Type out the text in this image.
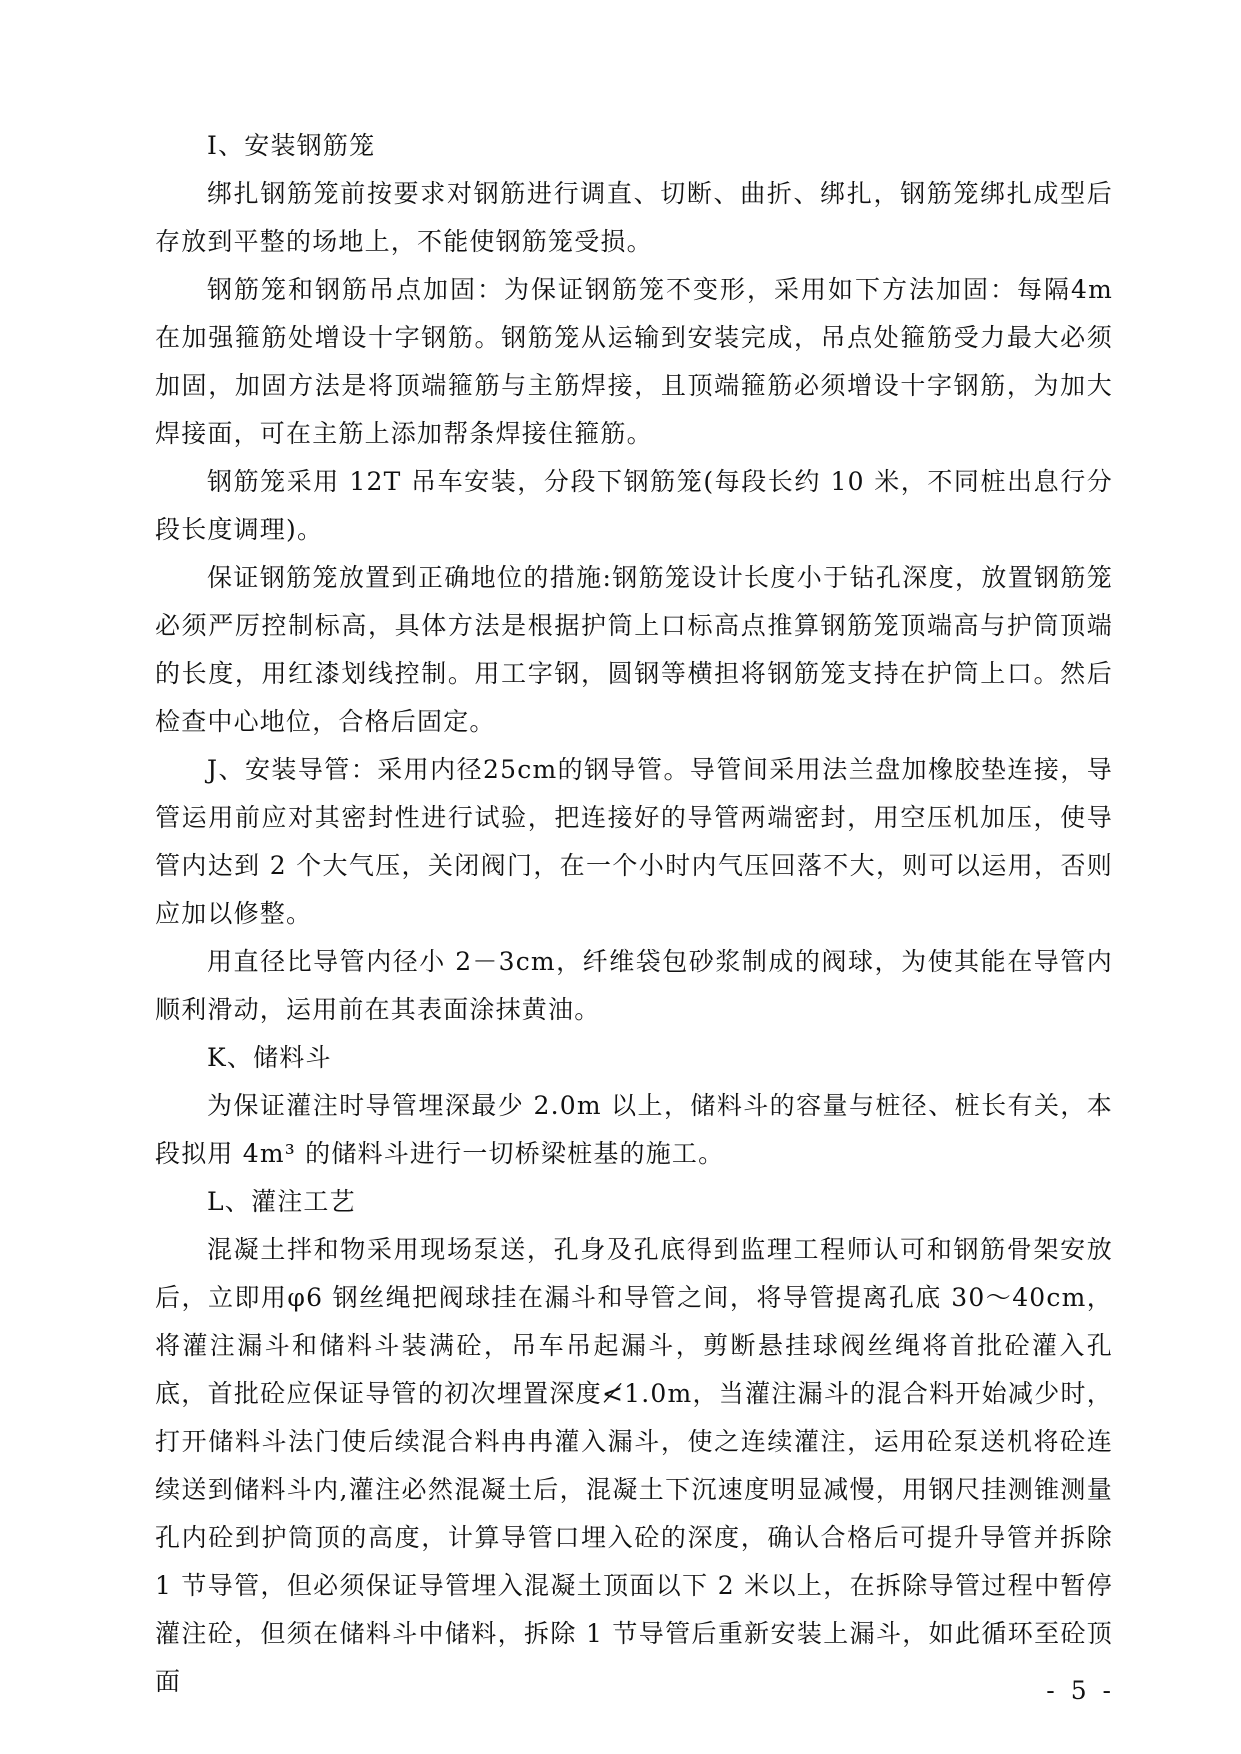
I、安装钢筋笼

绑扎钢筋笼前按要求对钢筋进行调直、切断、曲折、绑扎，钢筋笼绑扎成型后存放到平整的场地上，不能使钢筋笼受损。

钢筋笼和钢筋吊点加固：为保证钢筋笼不变形，采用如下方法加固：每隔4m在加强箍筋处增设十字钢筋。钢筋笼从运输到安装完成，吊点处箍筋受力最大必须加固，加固方法是将顶端箍筋与主筋焊接，且顶端箍筋必须增设十字钢筋，为加大焊接面，可在主筋上添加帮条焊接住箍筋。

钢筋笼采用 12T 吊车安装，分段下钢筋笼(每段长约 10 米，不同桩出息行分段长度调理)。

保证钢筋笼放置到正确地位的措施:钢筋笼设计长度小于钻孔深度，放置钢筋笼必须严厉控制标高，具体方法是根据护筒上口标高点推算钢筋笼顶端高与护筒顶端的长度，用红漆划线控制。用工字钢，圆钢等横担将钢筋笼支持在护筒上口。然后检查中心地位，合格后固定。

J、安装导管：采用内径25cm的钢导管。导管间采用法兰盘加橡胶垫连接，导管运用前应对其密封性进行试验，把连接好的导管两端密封，用空压机加压，使导管内达到 2 个大气压，关闭阀门，在一个小时内气压回落不大，则可以运用，否则应加以修整。

用直径比导管内径小 2－3cm，纤维袋包砂浆制成的阀球，为使其能在导管内顺利滑动，运用前在其表面涂抹黄油。

K、储料斗

为保证灌注时导管埋深最少 2.0m 以上，储料斗的容量与桩径、桩长有关，本段拟用 4m³ 的储料斗进行一切桥梁桩基的施工。

L、灌注工艺

混凝土拌和物采用现场泵送，孔身及孔底得到监理工程师认可和钢筋骨架安放后，立即用φ6 钢丝绳把阀球挂在漏斗和导管之间，将导管提离孔底 30～40cm，将灌注漏斗和储料斗装满砼，吊车吊起漏斗，剪断悬挂球阀丝绳将首批砼灌入孔底，首批砼应保证导管的初次埋置深度≮1.0m，当灌注漏斗的混合料开始减少时，打开储料斗法门使后续混合料冉冉灌入漏斗，使之连续灌注，运用砼泵送机将砼连续送到储料斗内,灌注必然混凝土后，混凝土下沉速度明显减慢，用钢尺挂测锥测量孔内砼到护筒顶的高度，计算导管口埋入砼的深度，确认合格后可提升导管并拆除 1 节导管，但必须保证导管埋入混凝土顶面以下 2 米以上，在拆除导管过程中暂停灌注砼，但须在储料斗中储料，拆除 1 节导管后重新安装上漏斗，如此循环至砼顶面	- 5 -
